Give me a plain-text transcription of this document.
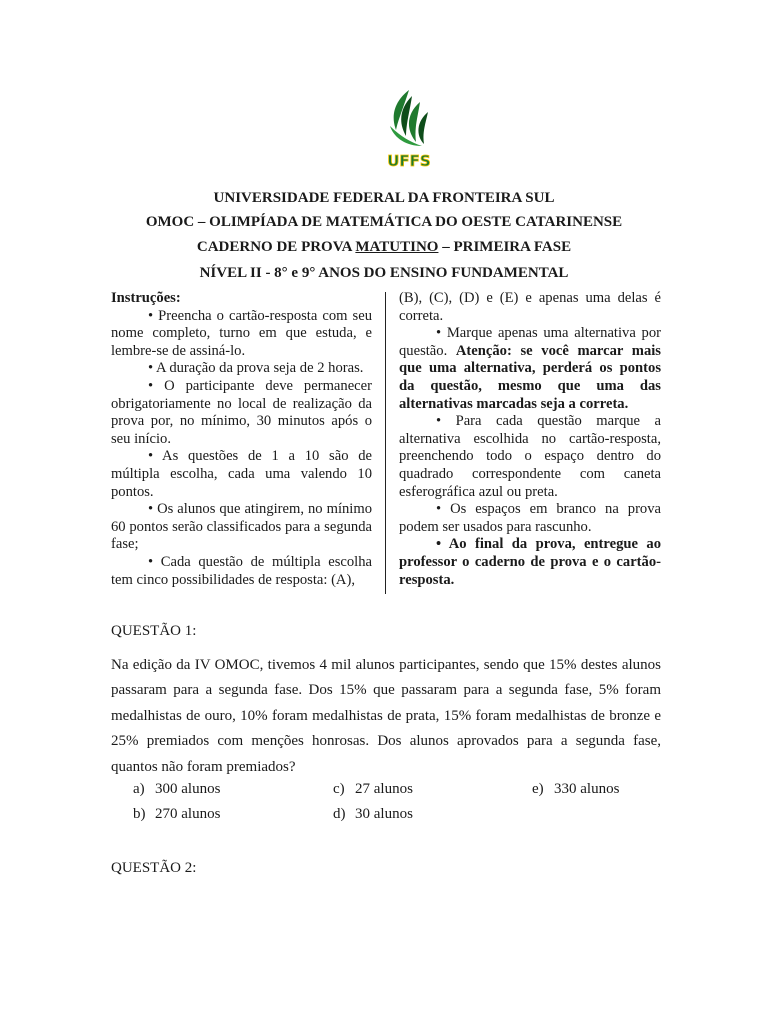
UFFS
UNIVERSIDADE FEDERAL DA FRONTEIRA SUL
OMOC – OLIMPÍADA DE MATEMÁTICA DO OESTE CATARINENSE
CADERNO DE PROVA MATUTINO – PRIMEIRA FASE
NÍVEL II - 8° e 9° ANOS DO ENSINO FUNDAMENTAL

Instruções:

• Preencha o cartão-resposta com seu nome completo, turno em que estuda, e lembre-se de assiná-lo.

• A duração da prova seja de 2 horas.

• O participante deve permanecer obrigatoriamente no local de realização da prova por, no mínimo, 30 minutos após o seu início.

• As questões de 1 a 10 são de múltipla escolha, cada uma valendo 10 pontos.

• Os alunos que atingirem, no mínimo 60 pontos serão classificados para a segunda fase;

• Cada questão de múltipla escolha tem cinco possibilidades de resposta: (A),

(B), (C), (D) e (E) e apenas uma delas é correta.

• Marque apenas uma alternativa por questão. Atenção: se você marcar mais que uma alternativa, perderá os pontos da questão, mesmo que uma das alternativas marcadas seja a correta.

• Para cada questão marque a alternativa escolhida no cartão-resposta, preenchendo todo o espaço dentro do quadrado correspondente com caneta esferográfica azul ou preta.

• Os espaços em branco na prova podem ser usados para rascunho.

• Ao final da prova, entregue ao professor o caderno de prova e o cartão-resposta.

QUESTÃO 1:
Na edição da IV OMOC, tivemos 4 mil alunos participantes, sendo que 15% destes alunos passaram para a segunda fase. Dos 15% que passaram para a segunda fase, 5% foram medalhistas de ouro, 10% foram medalhistas de prata, 15% foram medalhistas de bronze e 25% premiados com menções honrosas. Dos alunos aprovados para a segunda fase, quantos não foram premiados?
a) 300 alunos
b) 270 alunos
c) 27 alunos
d) 30 alunos
e) 330 alunos
QUESTÃO 2:
